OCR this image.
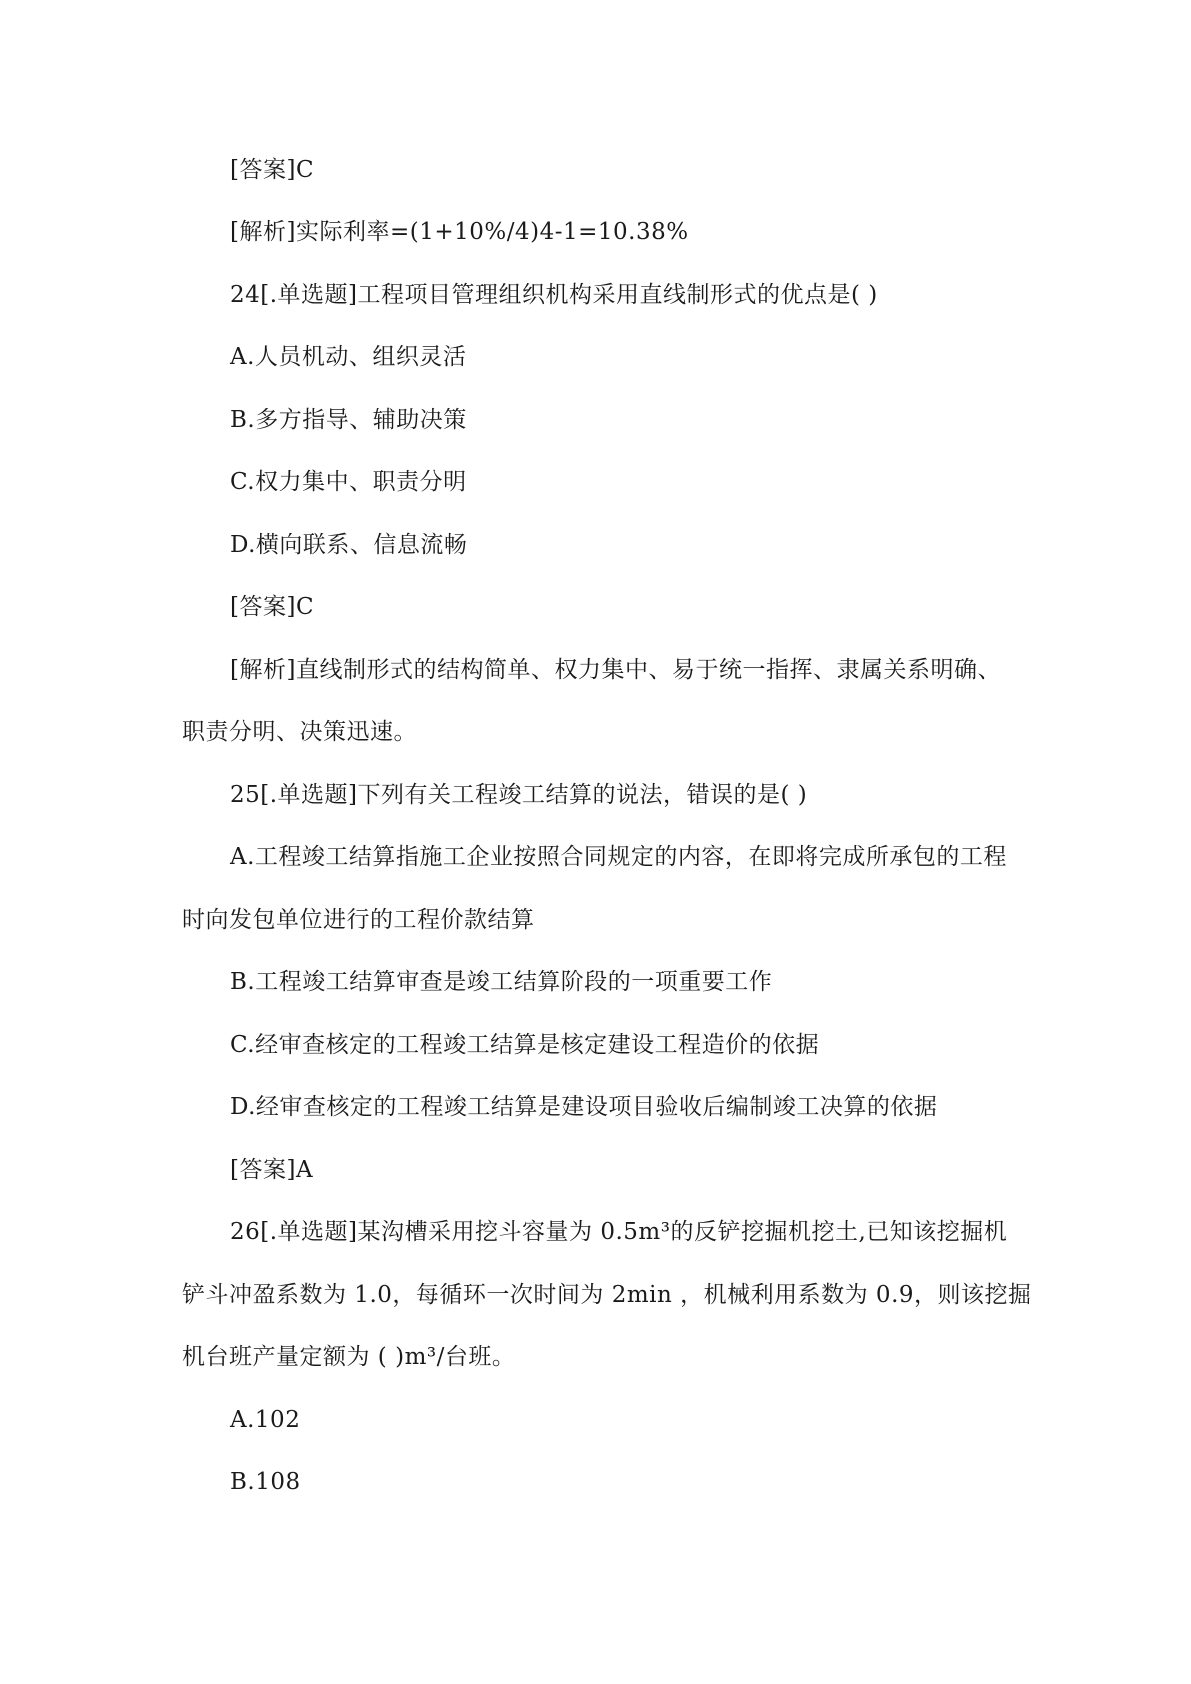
[答案]C
[解析]实际利率=(1+10%/4)4-1=10.38%
24[.单选题]工程项目管理组织机构采用直线制形式的优点是( )
A.人员机动、组织灵活
B.多方指导、辅助决策
C.权力集中、职责分明
D.横向联系、信息流畅
[答案]C
[解析]直线制形式的结构简单、权力集中、易于统一指挥、隶属关系明确、
职责分明、决策迅速。
25[.单选题]下列有关工程竣工结算的说法，错误的是( )
A.工程竣工结算指施工企业按照合同规定的内容，在即将完成所承包的工程
时向发包单位进行的工程价款结算
B.工程竣工结算审查是竣工结算阶段的一项重要工作
C.经审查核定的工程竣工结算是核定建设工程造价的依据
D.经审查核定的工程竣工结算是建设项目验收后编制竣工决算的依据
[答案]A
26[.单选题]某沟槽采用挖斗容量为 0.5m³的反铲挖掘机挖土,已知该挖掘机
铲斗冲盈系数为 1.0，每循环一次时间为 2min ，机械利用系数为 0.9，则该挖掘
机台班产量定额为 ( )m³/台班。
A.102
B.108
